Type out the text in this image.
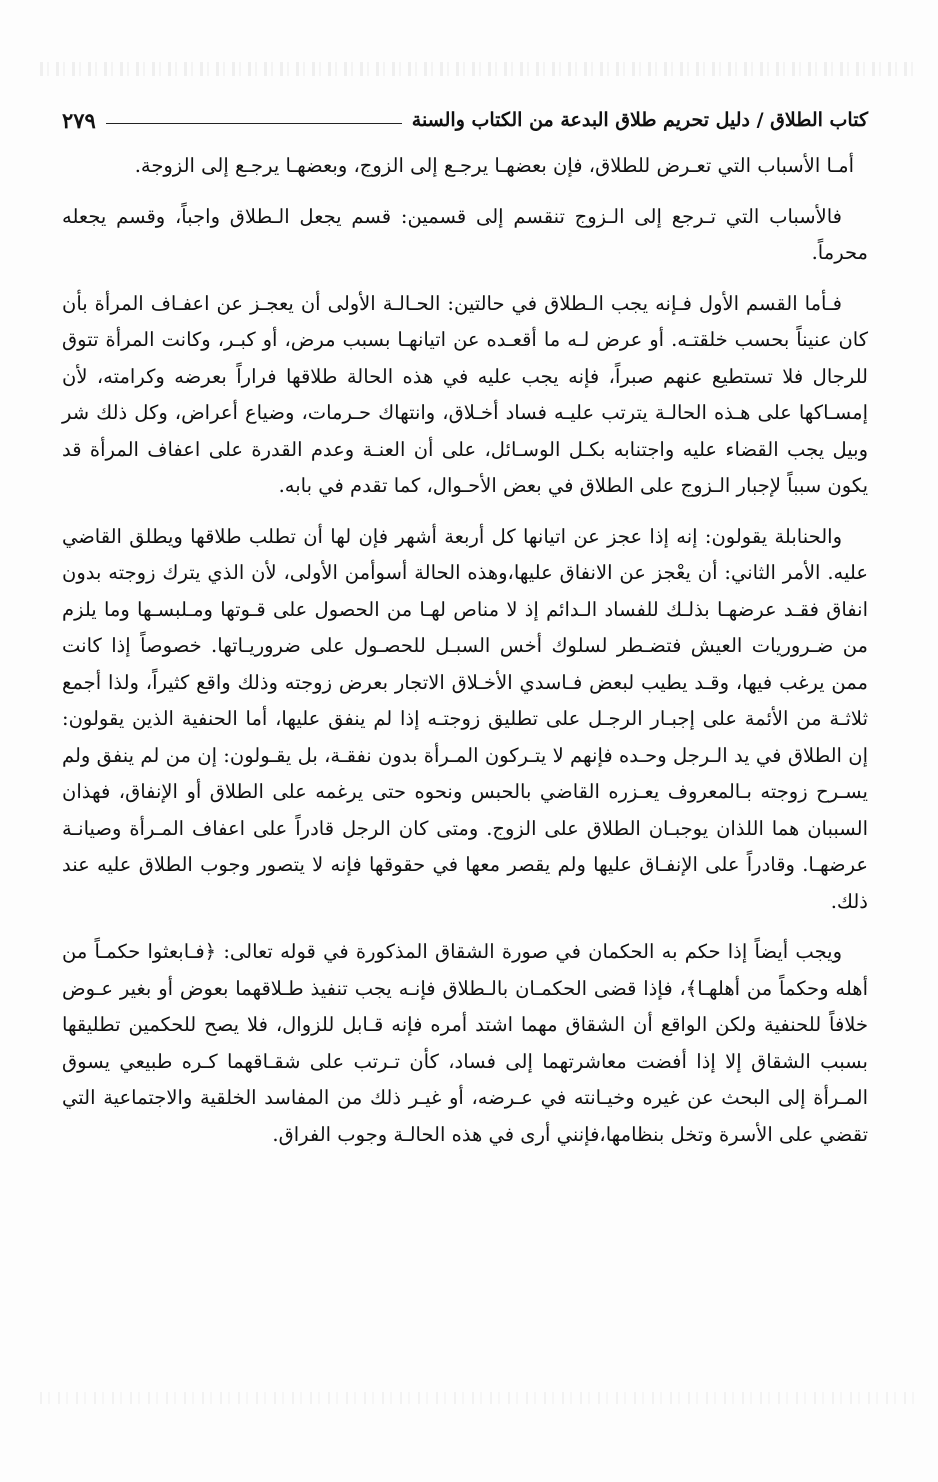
كتاب الطلاق / دليل تحريم طلاق البدعة من الكتاب والسنة
٢٧٩

أمـا الأسباب التي تعـرض للطلاق، فإن بعضهـا يرجـع إلى الزوج، وبعضهـا يرجـع إلى الزوجة.

فالأسباب التي تـرجع إلى الـزوج تنقسم إلى قسمين: قسم يجعل الـطلاق واجباً، وقسم يجعله محرماً.

فـأما القسم الأول فـإنه يجب الـطلاق في حالتين: الحـالـة الأولى أن يعجـز عن اعفـاف المرأة بأن كان عنيناً بحسب خلقتـه. أو عرض لـه ما أقعـده عن اتيانهـا بسبب مرض، أو كبـر، وكانت المرأة تتوق للرجال فلا تستطيع عنهم صبراً، فإنه يجب عليه في هذه الحالة طلاقها فراراً بعرضه وكرامته، لأن إمسـاكها على هـذه الحالـة يترتب عليـه فساد أخـلاق، وانتهاك حـرمات، وضياع أعراض، وكل ذلك شر وبيل يجب القضاء عليه واجتنابه بكـل الوسـائل، على أن العنـة وعدم القدرة على اعفاف المرأة قد يكون سبباً لإجبار الـزوج على الطلاق في بعض الأحـوال، كما تقدم في بابه.

والحنابلة يقولون: إنه إذا عجز عن اتيانها كل أربعة أشهر فإن لها أن تطلب طلاقها ويطلق القاضي عليه. الأمر الثاني: أن يعْجز عن الانفاق عليها،وهذه الحالة أسوأمن الأولى، لأن الذي يترك زوجته بدون انفاق فقـد عرضهـا بذلـك للفساد الـدائم إذ لا مناص لهـا من الحصول على قـوتها ومـلبسـها وما يلزم من ضـروريات العيش فتضـطر لسلوك أخس السبـل للحصـول على ضروريـاتها. خصوصاً إذا كانت ممن يرغب فيها، وقـد يطيب لبعض فـاسدي الأخـلاق الاتجار بعرض زوجته وذلك واقع كثيراً، ولذا أجمع ثلاثـة من الأئمة على إجبـار الرجـل على تطليق زوجتـه إذا لم ينفق عليها، أما الحنفية الذين يقولون: إن الطلاق في يد الـرجل وحـده فإنهم لا يتـركون المـرأة بدون نفقـة، بل يقـولون: إن من لم ينفق ولم يسـرح زوجته بـالمعروف يعـزره القاضي بالحبس ونحوه حتى يرغمه على الطلاق أو الإنفاق، فهذان السببان هما اللذان يوجبـان الطلاق على الزوج. ومتى كان الرجل قادراً على اعفاف المـرأة وصيانـة عرضهـا. وقادراً على الإنفـاق عليها ولم يقصر معها في حقوقها فإنه لا يتصور وجوب الطلاق عليه عند ذلك.

ويجب أيضاً إذا حكم به الحكمان في صورة الشقاق المذكورة في قوله تعالى: ﴿فـابعثوا حكمـاً من أهله وحكماً من أهلهـا﴾، فإذا قضى الحكمـان بالـطلاق فإنـه يجب تنفيذ طـلاقهما بعوض أو بغير عـوض خلافاً للحنفية ولكن الواقع أن الشقاق مهما اشتد أمره فإنه قـابل للزوال، فلا يصح للحكمين تطليقها بسبب الشقاق إلا إذا أفضت معاشرتهما إلى فساد، كأن تـرتب على شقـاقهما كـره طبيعي يسوق المـرأة إلى البحث عن غيره وخيـانته في عـرضه، أو غيـر ذلك من المفاسد الخلقية والاجتماعية التي تقضي على الأسرة وتخل بنظامها،فإنني أرى في هذه الحالـة وجوب الفراق.
